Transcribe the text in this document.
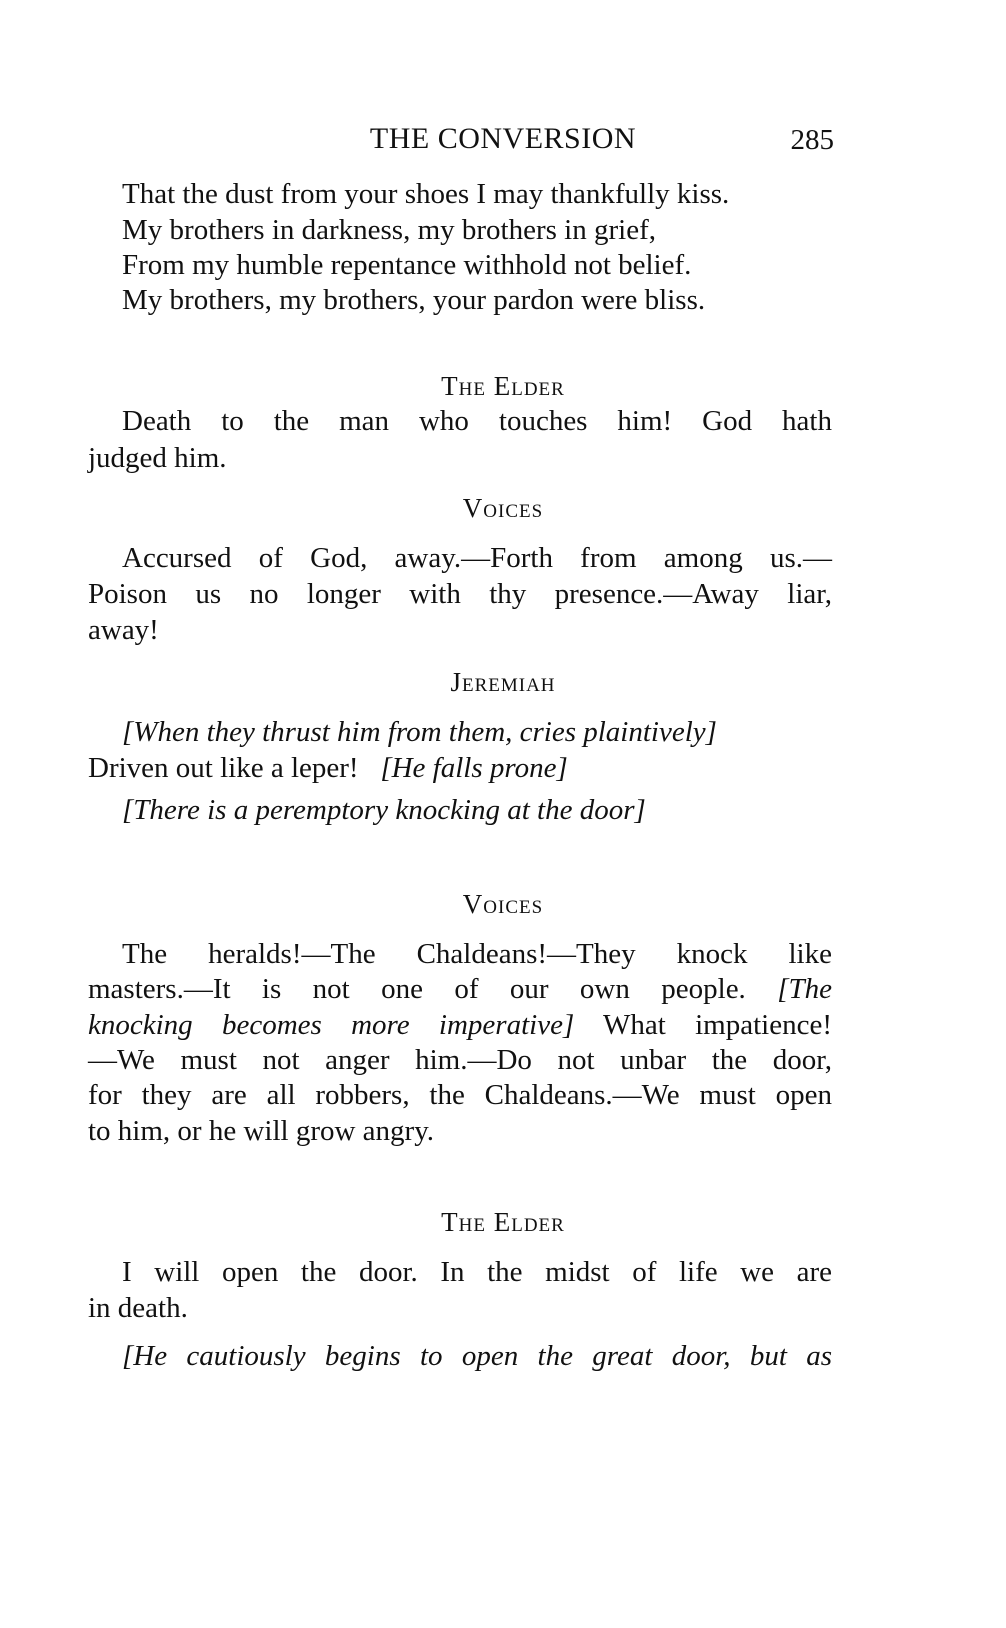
THE CONVERSION	285
That the dust from your shoes I may thankfully kiss.
My brothers in darkness, my brothers in grief,
From my humble repentance withhold not belief.
My brothers, my brothers, your pardon were bliss.
The Elder
Death to the man who touches him! God hath
judged him.
Voices
Accursed of God, away.—Forth from among us.—
Poison us no longer with thy presence.—Away liar,
away!
Jeremiah
[When they thrust him from them, cries plaintively]
Driven out like a leper! [He falls prone]
[There is a peremptory knocking at the door]
Voices
The heralds!—The Chaldeans!—They knock like
masters.—It is not one of our own people. [The
knocking becomes more imperative] What impatience!
—We must not anger him.—Do not unbar the door,
for they are all robbers, the Chaldeans.—We must open
to him, or he will grow angry.
The Elder
I will open the door. In the midst of life we are
in death.
[He cautiously begins to open the great door, but as
